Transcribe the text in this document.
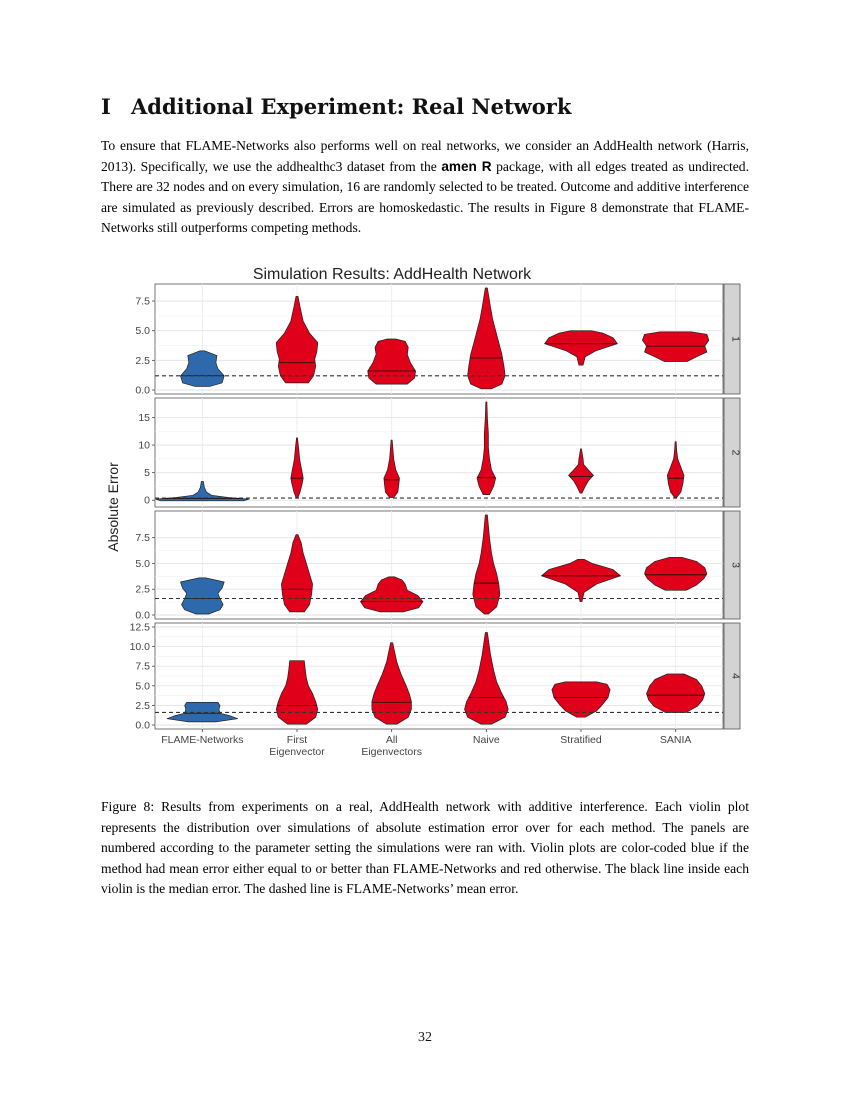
I Additional Experiment: Real Network

To ensure that FLAME-Networks also performs well on real networks, we consider an AddHealth network (Harris, 2013). Specifically, we use the addhealthc3 dataset from the amen R package, with all edges treated as undirected. There are 32 nodes and on every simulation, 16 are randomly selected to be treated. Outcome and additive interference are simulated as previously described. Errors are homoskedastic. The results in Figure 8 demonstrate that FLAME-Networks still outperforms competing methods.

Simulation Results: AddHealth Network
Absolute Error
0.0
2.5
5.0
7.5
1
0
5
10
15
2
0.0
2.5
5.0
7.5
3
0.0
2.5
5.0
7.5
10.0
12.5
4
FLAME-Networks	First Eigenvector
All Eigenvectors
Naive	Stratified	SANIA

Figure 8: Results from experiments on a real, AddHealth network with additive interference. Each violin plot represents the distribution over simulations of absolute estimation error over for each method. The panels are numbered according to the parameter setting the simulations were ran with. Violin plots are color-coded blue if the method had mean error either equal to or better than FLAME-Networks and red otherwise. The black line inside each violin is the median error. The dashed line is FLAME-Networks’ mean error.

32
